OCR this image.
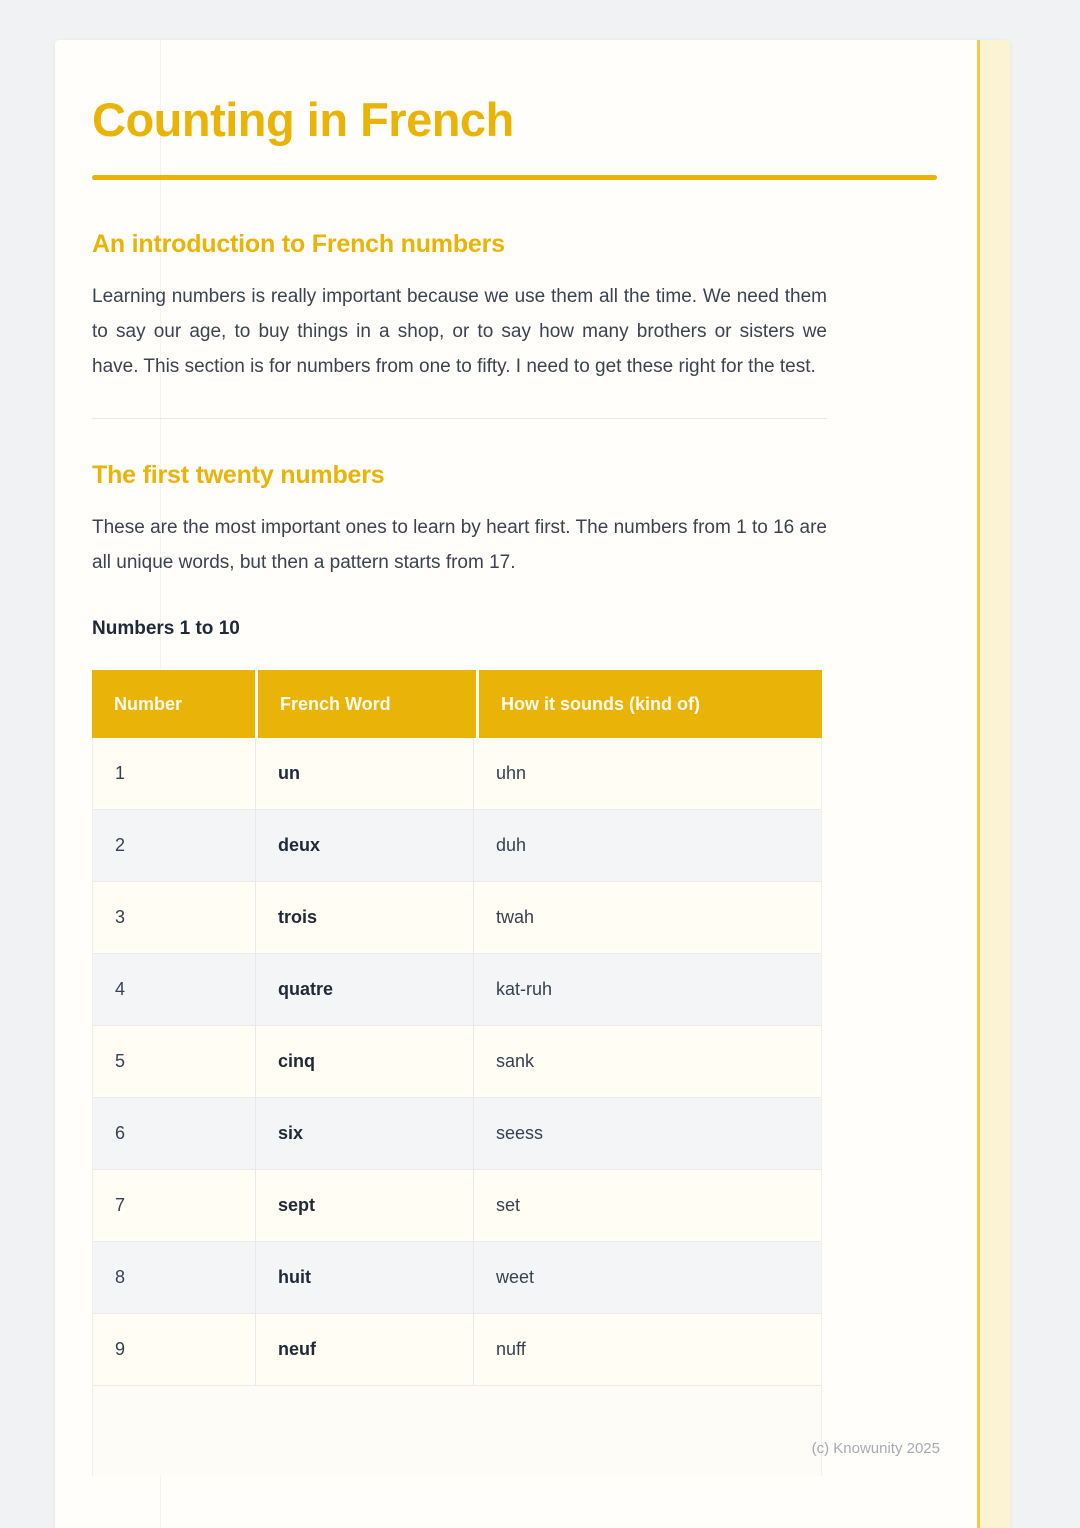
Counting in French
An introduction to French numbers

Learning numbers is really important because we use them all the time. We need them to say our age, to buy things in a shop, or to say how many brothers or sisters we have. This section is for numbers from one to fifty. I need to get these right for the test.

The first twenty numbers

These are the most important ones to learn by heart first. The numbers from 1 to 16 are all unique words, but then a pattern starts from 17.

Numbers 1 to 10
Number	French Word	How it sounds (kind of)
1	un	uhn
2	deux	duh
3	trois	twah
4	quatre	kat-ruh
5	cinq	sank
6	six	seess
7	sept	set
8	huit	weet
9	neuf	nuff
(c) Knowunity 2025
